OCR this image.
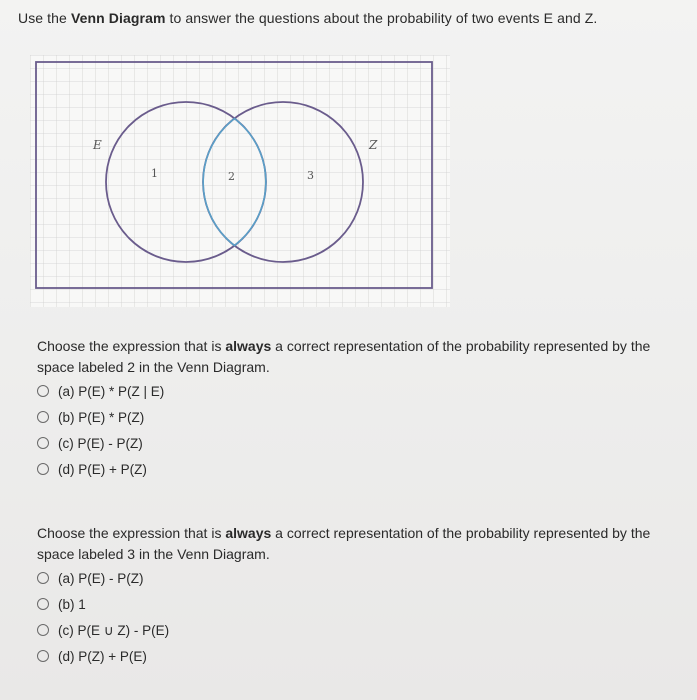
Use the Venn Diagram to answer the questions about the probability of two events E and Z.
E	Z
1	2	3
Choose the expression that is always a correct representation of the probability represented by the space labeled 2 in the Venn Diagram.
(a) P(E) * P(Z | E)
(b) P(E) * P(Z)
(c) P(E) - P(Z)
(d) P(E) + P(Z)
Choose the expression that is always a correct representation of the probability represented by the space labeled 3 in the Venn Diagram.
(a) P(E) - P(Z)
(b) 1
(c) P(E ∪ Z) - P(E)
(d) P(Z) + P(E)
